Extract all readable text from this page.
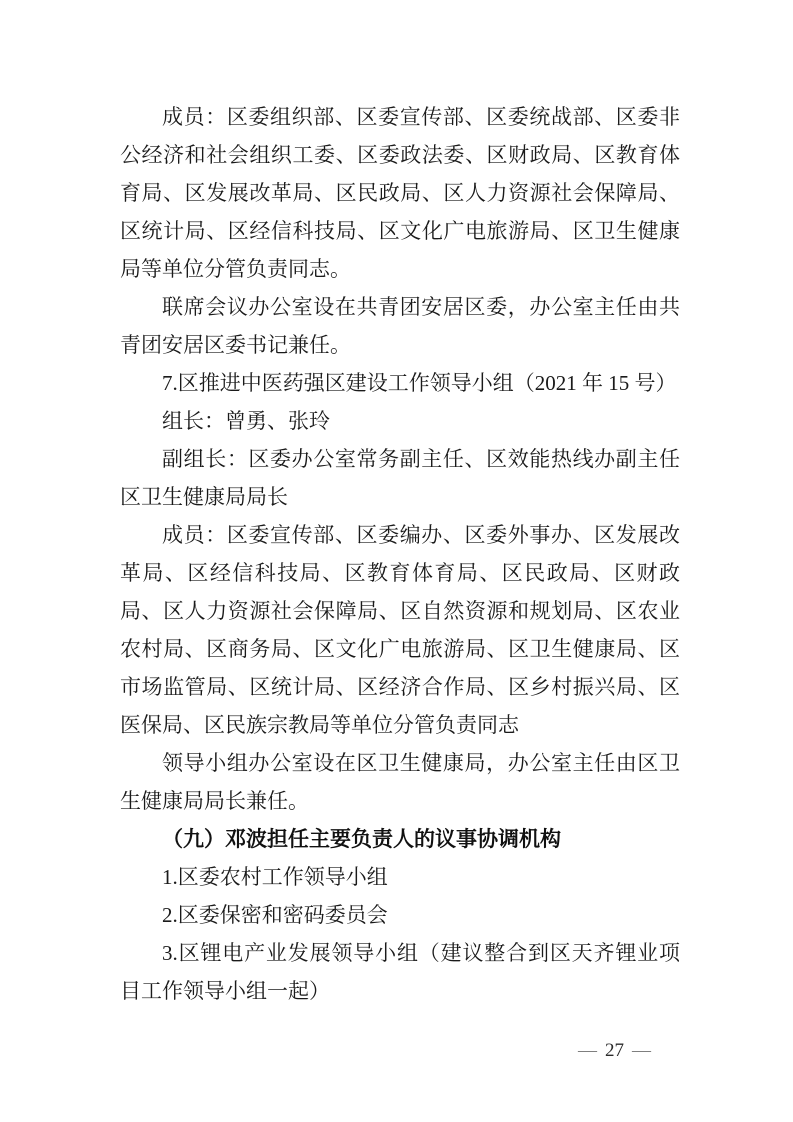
成员：区委组织部、区委宣传部、区委统战部、区委非公经济和社会组织工委、区委政法委、区财政局、区教育体育局、区发展改革局、区民政局、区人力资源社会保障局、区统计局、区经信科技局、区文化广电旅游局、区卫生健康局等单位分管负责同志。

联席会议办公室设在共青团安居区委，办公室主任由共青团安居区委书记兼任。

7.区推进中医药强区建设工作领导小组（2021 年 15 号）

组长：曾勇、张玲

副组长：区委办公室常务副主任、区效能热线办副主任区卫生健康局局长

成员：区委宣传部、区委编办、区委外事办、区发展改革局、区经信科技局、区教育体育局、区民政局、区财政局、区人力资源社会保障局、区自然资源和规划局、区农业农村局、区商务局、区文化广电旅游局、区卫生健康局、区市场监管局、区统计局、区经济合作局、区乡村振兴局、区医保局、区民族宗教局等单位分管负责同志

领导小组办公室设在区卫生健康局，办公室主任由区卫生健康局局长兼任。

（九）邓波担任主要负责人的议事协调机构

1.区委农村工作领导小组

2.区委保密和密码委员会

3.区锂电产业发展领导小组（建议整合到区天齐锂业项目工作领导小组一起）

— 27 —
